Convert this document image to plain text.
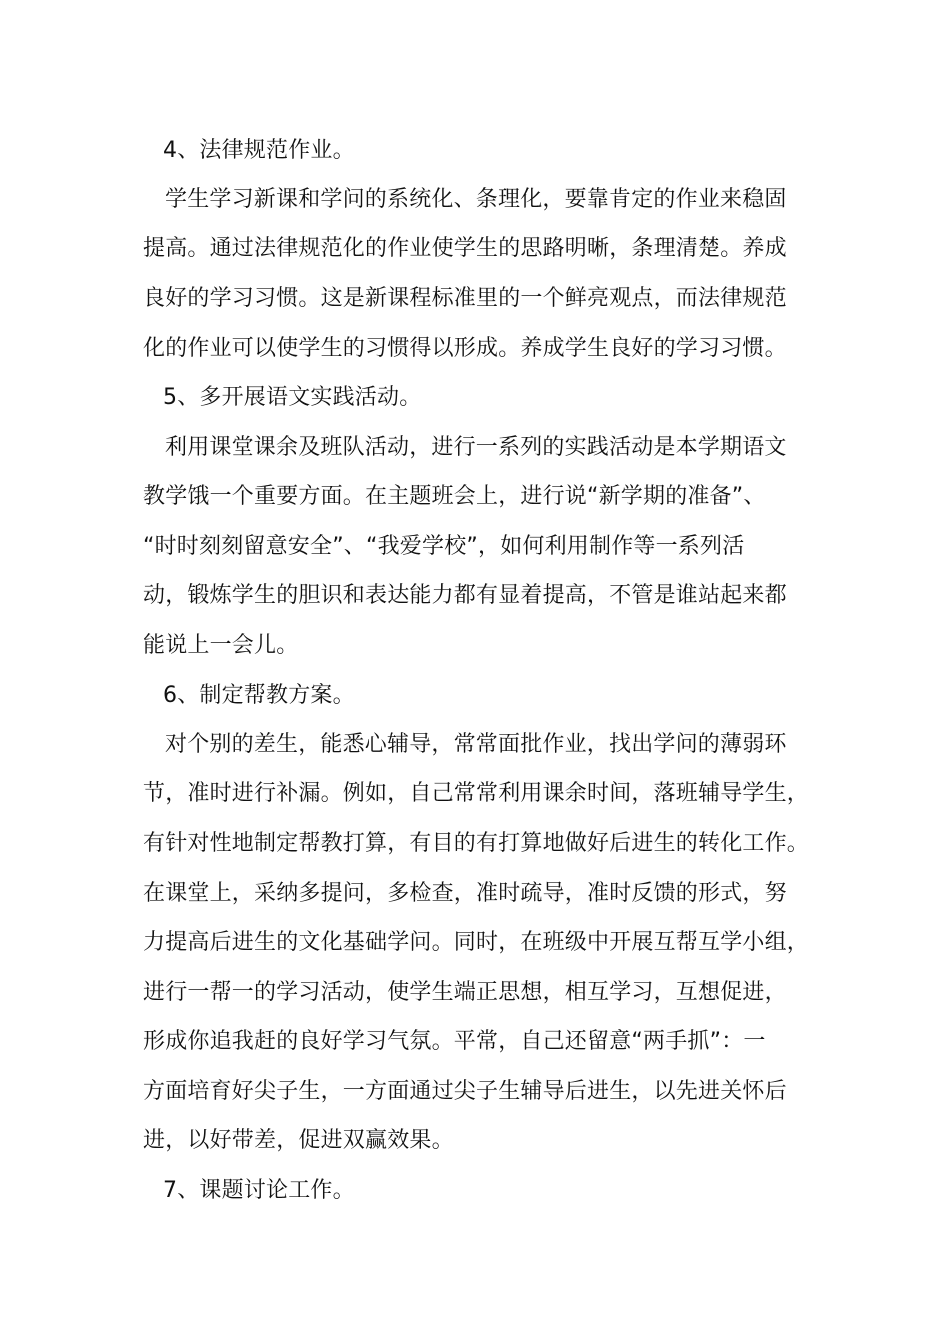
4、法律规范作业。
学生学习新课和学问的系统化、条理化，要靠肯定的作业来稳固
提高。通过法律规范化的作业使学生的思路明晰，条理清楚。养成
良好的学习习惯。这是新课程标准里的一个鲜亮观点，而法律规范
化的作业可以使学生的习惯得以形成。养成学生良好的学习习惯。
5、多开展语文实践活动。
利用课堂课余及班队活动，进行一系列的实践活动是本学期语文
教学饿一个重要方面。在主题班会上，进行说“新学期的准备”、
“时时刻刻留意安全”、“我爱学校”，如何利用制作等一系列活
动，锻炼学生的胆识和表达能力都有显着提高，不管是谁站起来都
能说上一会儿。
6、制定帮教方案。
对个别的差生，能悉心辅导，常常面批作业，找出学问的薄弱环
节，准时进行补漏。例如，自己常常利用课余时间，落班辅导学生，
有针对性地制定帮教打算，有目的有打算地做好后进生的转化工作。
在课堂上，采纳多提问，多检查，准时疏导，准时反馈的形式，努
力提高后进生的文化基础学问。同时，在班级中开展互帮互学小组，
进行一帮一的学习活动，使学生端正思想，相互学习，互想促进，
形成你追我赶的良好学习气氛。平常，自己还留意“两手抓”：一
方面培育好尖子生，一方面通过尖子生辅导后进生，以先进关怀后
进，以好带差，促进双赢效果。
7、课题讨论工作。
